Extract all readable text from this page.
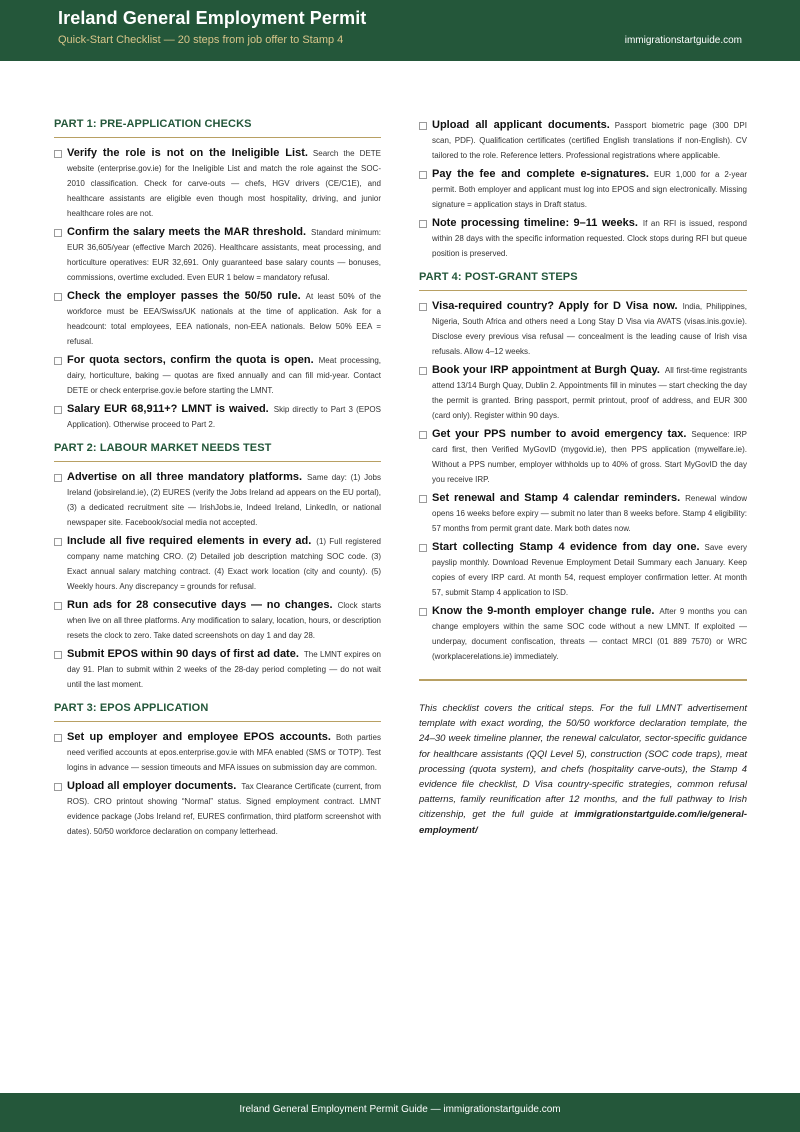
Ireland General Employment Permit
Quick-Start Checklist — 20 steps from job offer to Stamp 4	immigrationstartguide.com
PART 1: PRE-APPLICATION CHECKS
Verify the role is not on the Ineligible List. Search the DETE website (enterprise.gov.ie) for the Ineligible List and match the role against the SOC-2010 classification. Check for carve-outs — chefs, HGV drivers (CE/C1E), and healthcare assistants are eligible even though most hospitality, driving, and junior healthcare roles are not.
Confirm the salary meets the MAR threshold. Standard minimum: EUR 36,605/year (effective March 2026). Healthcare assistants, meat processing, and horticulture operatives: EUR 32,691. Only guaranteed base salary counts — bonuses, commissions, overtime excluded. Even EUR 1 below = mandatory refusal.
Check the employer passes the 50/50 rule. At least 50% of the workforce must be EEA/Swiss/UK nationals at the time of application. Ask for a headcount: total employees, EEA nationals, non-EEA nationals. Below 50% EEA = refusal.
For quota sectors, confirm the quota is open. Meat processing, dairy, horticulture, baking — quotas are fixed annually and can fill mid-year. Contact DETE or check enterprise.gov.ie before starting the LMNT.
Salary EUR 68,911+? LMNT is waived. Skip directly to Part 3 (EPOS Application). Otherwise proceed to Part 2.
PART 2: LABOUR MARKET NEEDS TEST
Advertise on all three mandatory platforms. Same day: (1) Jobs Ireland (jobsireland.ie), (2) EURES (verify the Jobs Ireland ad appears on the EU portal), (3) a dedicated recruitment site — IrishJobs.ie, Indeed Ireland, LinkedIn, or national newspaper site. Facebook/social media not accepted.
Include all five required elements in every ad. (1) Full registered company name matching CRO. (2) Detailed job description matching SOC code. (3) Exact annual salary matching contract. (4) Exact work location (city and county). (5) Weekly hours. Any discrepancy = grounds for refusal.
Run ads for 28 consecutive days — no changes. Clock starts when live on all three platforms. Any modification to salary, location, hours, or description resets the clock to zero. Take dated screenshots on day 1 and day 28.
Submit EPOS within 90 days of first ad date. The LMNT expires on day 91. Plan to submit within 2 weeks of the 28-day period completing — do not wait until the last moment.
PART 3: EPOS APPLICATION
Set up employer and employee EPOS accounts. Both parties need verified accounts at epos.enterprise.gov.ie with MFA enabled (SMS or TOTP). Test logins in advance — session timeouts and MFA issues on submission day are common.
Upload all employer documents. Tax Clearance Certificate (current, from ROS). CRO printout showing “Normal” status. Signed employment contract. LMNT evidence package (Jobs Ireland ref, EURES confirmation, third platform screenshot with dates). 50/50 workforce declaration on company letterhead.
Upload all applicant documents. Passport biometric page (300 DPI scan, PDF). Qualification certificates (certified English translations if non-English). CV tailored to the role. Reference letters. Professional registrations where applicable.
Pay the fee and complete e-signatures. EUR 1,000 for a 2-year permit. Both employer and applicant must log into EPOS and sign electronically. Missing signature = application stays in Draft status.
Note processing timeline: 9–11 weeks. If an RFI is issued, respond within 28 days with the specific information requested. Clock stops during RFI but queue position is preserved.
PART 4: POST-GRANT STEPS
Visa-required country? Apply for D Visa now. India, Philippines, Nigeria, South Africa and others need a Long Stay D Visa via AVATS (visas.inis.gov.ie). Disclose every previous visa refusal — concealment is the leading cause of Irish visa refusals. Allow 4–12 weeks.
Book your IRP appointment at Burgh Quay. All first-time registrants attend 13/14 Burgh Quay, Dublin 2. Appointments fill in minutes — start checking the day the permit is granted. Bring passport, permit printout, proof of address, and EUR 300 (card only). Register within 90 days.
Get your PPS number to avoid emergency tax. Sequence: IRP card first, then Verified MyGovID (mygovid.ie), then PPS application (mywelfare.ie). Without a PPS number, employer withholds up to 40% of gross. Start MyGovID the day you receive IRP.
Set renewal and Stamp 4 calendar reminders. Renewal window opens 16 weeks before expiry — submit no later than 8 weeks before. Stamp 4 eligibility: 57 months from permit grant date. Mark both dates now.
Start collecting Stamp 4 evidence from day one. Save every payslip monthly. Download Revenue Employment Detail Summary each January. Keep copies of every IRP card. At month 54, request employer confirmation letter. At month 57, submit Stamp 4 application to ISD.
Know the 9-month employer change rule. After 9 months you can change employers within the same SOC code without a new LMNT. If exploited — underpay, document confiscation, threats — contact MRCI (01 889 7570) or WRC (workplacerelations.ie) immediately.

This checklist covers the critical steps. For the full LMNT advertisement template with exact wording, the 50/50 workforce declaration template, the 24–30 week timeline planner, the renewal calculator, sector-specific guidance for healthcare assistants (QQI Level 5), construction (SOC code traps), meat processing (quota system), and chefs (hospitality carve-outs), the Stamp 4 evidence file checklist, D Visa country-specific strategies, common refusal patterns, family reunification after 12 months, and the full pathway to Irish citizenship, get the full guide at immigrationstartguide.com/ie/general-employment/

Ireland General Employment Permit Guide — immigrationstartguide.com
